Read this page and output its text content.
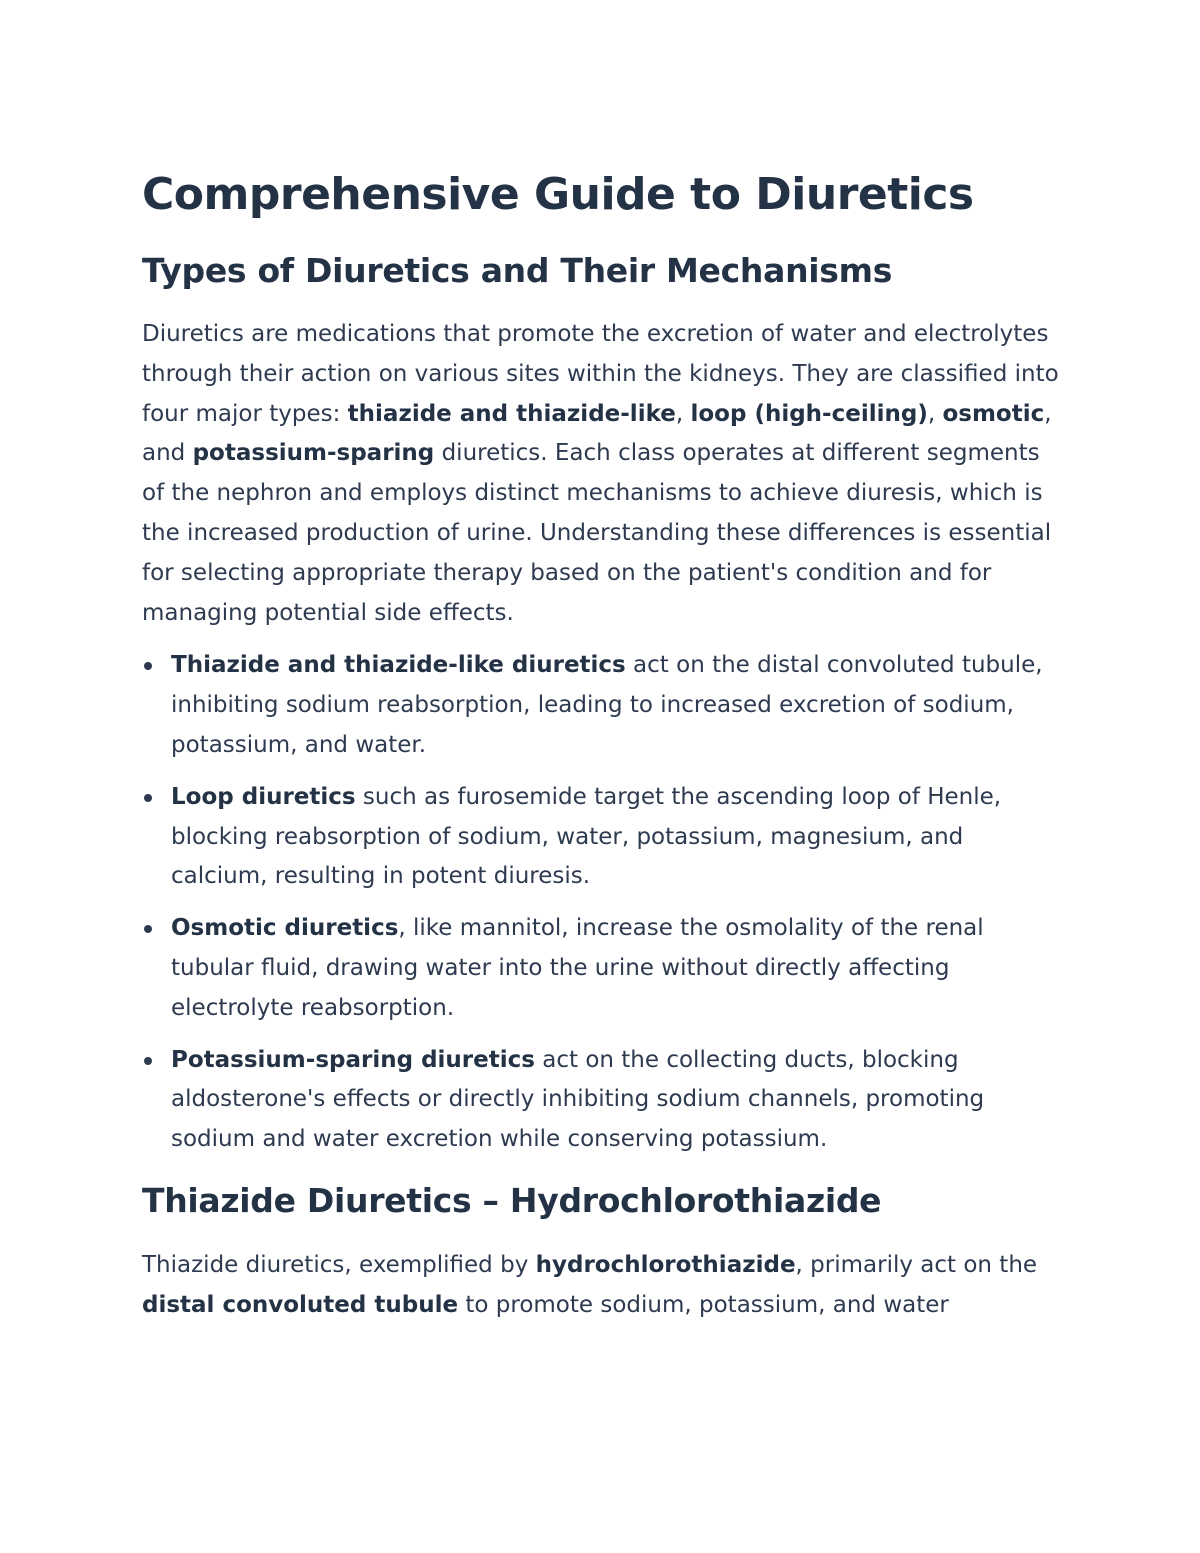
Comprehensive Guide to Diuretics
Types of Diuretics and Their Mechanisms

Diuretics are medications that promote the excretion of water and electrolytes through their action on various sites within the kidneys. They are classified into four major types: thiazide and thiazide-like, loop (high-ceiling), osmotic, and potassium-sparing diuretics. Each class operates at different segments of the nephron and employs distinct mechanisms to achieve diuresis, which is the increased production of urine. Understanding these differences is essential for selecting appropriate therapy based on the patient's condition and for managing potential side effects.

Thiazide and thiazide-like diuretics act on the distal convoluted tubule, inhibiting sodium reabsorption, leading to increased excretion of sodium, potassium, and water.
Loop diuretics such as furosemide target the ascending loop of Henle, blocking reabsorption of sodium, water, potassium, magnesium, and calcium, resulting in potent diuresis.
Osmotic diuretics, like mannitol, increase the osmolality of the renal tubular fluid, drawing water into the urine without directly affecting electrolyte reabsorption.
Potassium-sparing diuretics act on the collecting ducts, blocking aldosterone's effects or directly inhibiting sodium channels, promoting sodium and water excretion while conserving potassium.
Thiazide Diuretics – Hydrochlorothiazide

Thiazide diuretics, exemplified by hydrochlorothiazide, primarily act on the distal convoluted tubule to promote sodium, potassium, and water
